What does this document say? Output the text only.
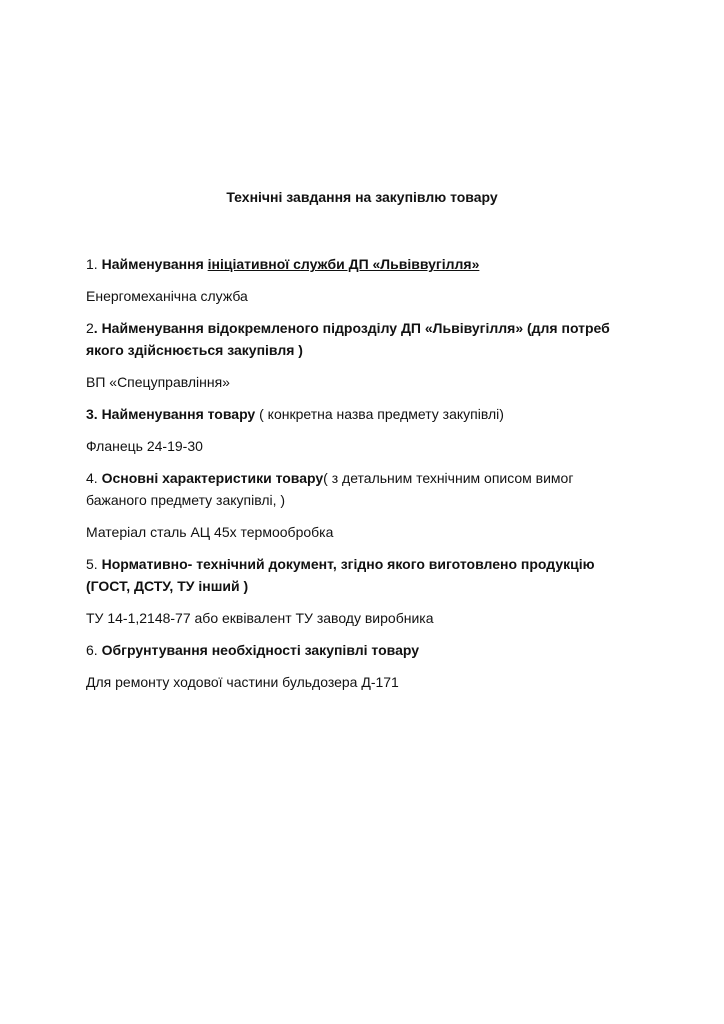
Технічні завдання на закупівлю товару

1. Найменування ініціативної служби ДП «Львіввугілля»

Енергомеханічна служба

2. Найменування відокремленого підрозділу ДП «Львівугілля» (для потреб

якого здійснюється закупівля )

ВП «Спецуправління»

3. Найменування товару ( конкретна назва предмету закупівлі)

Фланець 24-19-30

4. Основні характеристики товару( з детальним технічним описом вимог

бажаного предмету закупівлі, )

Матеріал сталь АЦ 45х термообробка

5. Нормативно- технічний документ, згідно якого виготовлено продукцію

(ГОСТ, ДСТУ, ТУ інший )

ТУ 14-1,2148-77 або еквівалент ТУ заводу виробника

6. Обгрунтування необхідності закупівлі товару

Для ремонту ходової частини бульдозера Д-171
